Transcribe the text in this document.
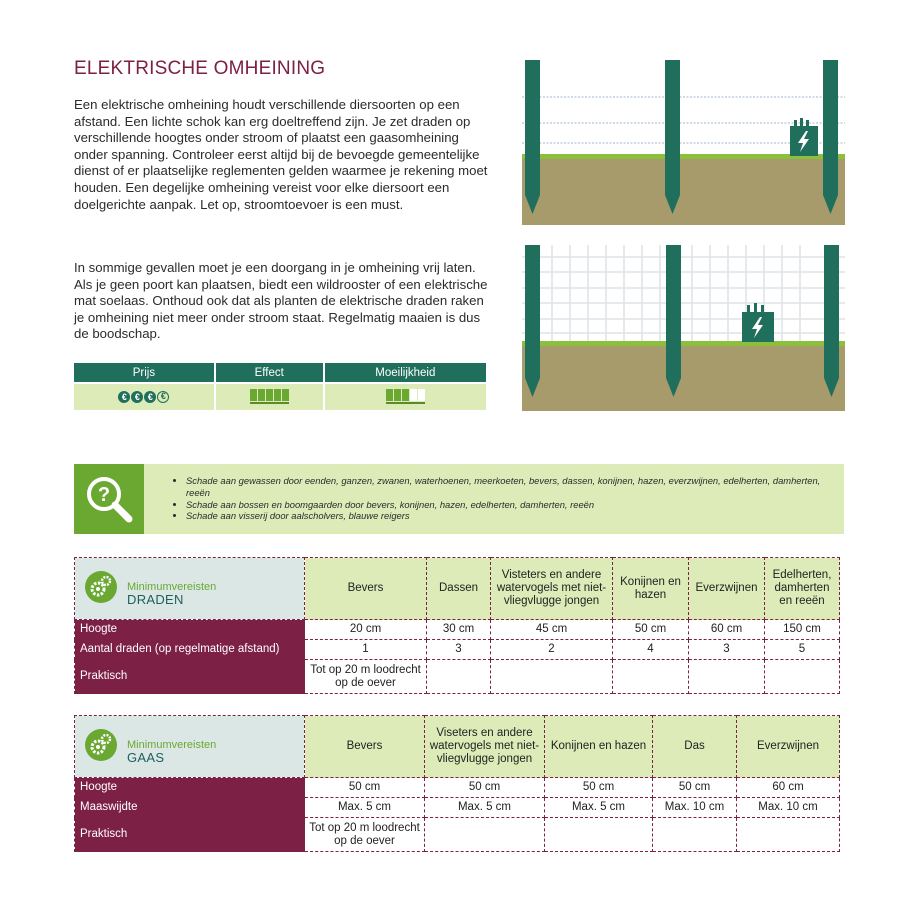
ELEKTRISCHE OMHEINING
Een elektrische omheining houdt verschillende diersoorten op een afstand. Een lichte schok kan erg doeltreffend zijn. Je zet draden op verschillende hoogtes onder stroom of plaatst een gaasomheining onder spanning. Controleer eerst altijd bij de bevoegde gemeentelijke dienst of er plaatselijke reglementen gelden waarmee je rekening moet houden. Een degelijke omheining vereist voor elke diersoort een doelgerichte aanpak. Let op, stroomtoevoer is een must.
In sommige gevallen moet je een doorgang in je omheining vrij laten. Als je geen poort kan plaatsen, biedt een wildrooster of een elektrische mat soelaas. Onthoud ook dat als planten de elektrische draden raken je omheining niet meer onder stroom staat. Regelmatig maaien is dus de boodschap.
Prijs	Effect	Moeilijkheid
€ € € €	

?
• Schade aan gewassen door eenden, ganzen, zwanen, waterhoenen, meerkoeten, bevers, dassen, konijnen, hazen, everzwijnen, edelherten, damherten, reeën
• Schade aan bossen en boomgaarden door bevers, konijnen, hazen, edelherten, damherten, reeën
• Schade aan visserij door aalscholvers, blauwe reigers
Minimumvereisten
DRADEN	Bevers	Dassen	Visteters en andere watervogels met niet-vliegvlugge jongen	Konijnen en hazen	Everzwijnen	Edelherten, damherten en reeën
Hoogte	20 cm	30 cm	45 cm	50 cm	60 cm	150 cm
Aantal draden (op regelmatige afstand)	1	3	2	4	3	5
Praktisch	Tot op 20 m loodrecht op de oever					
Minimumvereisten
GAAS	Bevers	Viseters en andere watervogels met niet-vliegvlugge jongen	Konijnen en hazen	Das	Everzwijnen
Hoogte	50 cm	50 cm	50 cm	50 cm	60 cm
Maaswijdte	Max. 5 cm	Max. 5 cm	Max. 5 cm	Max. 10 cm	Max. 10 cm
Praktisch	Tot op 20 m loodrecht op de oever				
